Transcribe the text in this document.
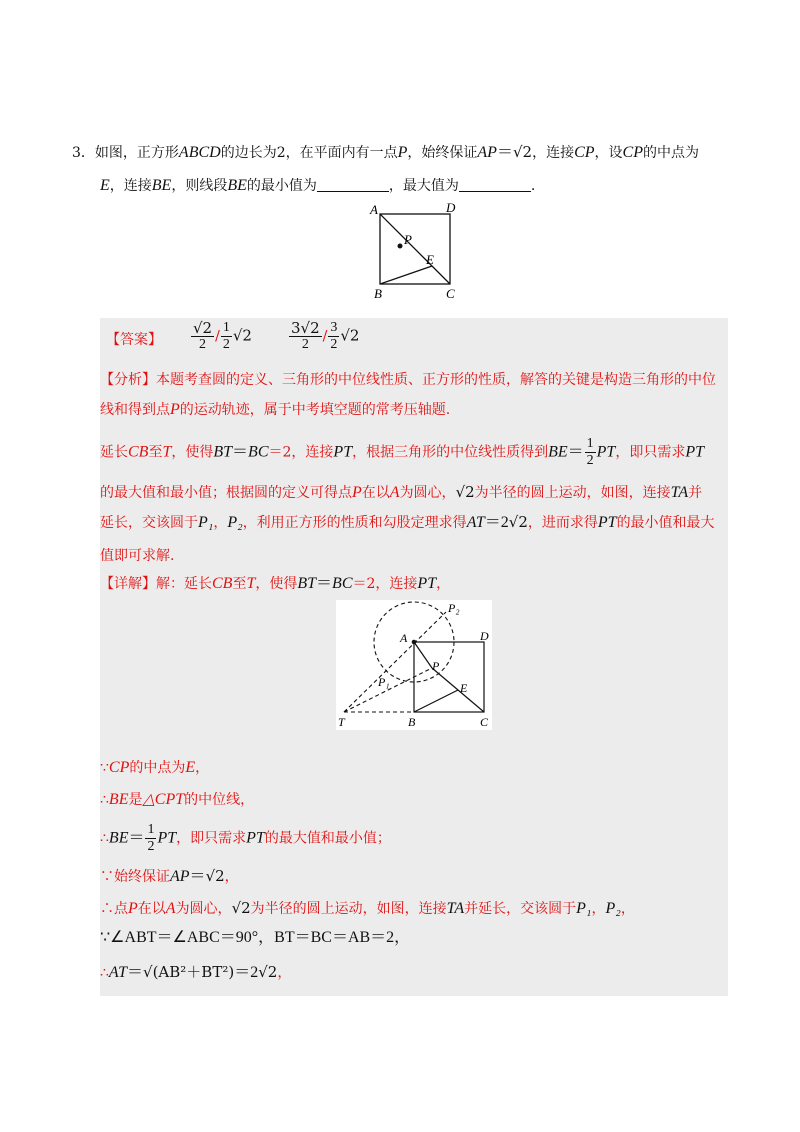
3．如图，正方形ABCD的边长为2，在平面内有一点P，始终保证AP＝√2，连接CP，设CP的中点为
E，连接BE，则线段BE的最小值为	，最大值为	.
A	D
P
E
B	C
【答案】 $\frac{√2}{2} / \frac{1}{2} √2 \frac{3√2}{2} / \frac{3}{2} √2$
【分析】本题考查圆的定义、三角形的中位线性质、正方形的性质，解答的关键是构造三角形的中位
线和得到点P的运动轨迹，属于中考填空题的常考压轴题.
延长CB至T，使得BT＝BC＝2，连接PT，根据三角形的中位线性质得到$BE= \frac{1}{2}$ PT，即只需求PT
的最大值和最小值；根据圆的定义可得点P在以A为圆心，√2为半径的圆上运动，如图，连接TA并
延长，交该圆于P₁，P₂，利用正方形的性质和勾股定理求得AT＝2√2，进而求得PT的最小值和最大
值即可求解.
【详解】解：延长CB至T，使得BT＝BC＝2，连接PT，
P₂
A	D
P
P₁	E
T	B	C
∵CP的中点为E，
∴BE是△CPT的中位线，
∴BE＝ $\frac{1}{2}$ PT，即只需求PT的最大值和最小值；
∵始终保证AP＝√2，
∴点P在以A为圆心，√2为半径的圆上运动，如图，连接TA并延长，交该圆于P₁，P₂，
∵∠ABT＝∠ABC＝90°，BT＝BC＝AB＝2，
∴AT＝√(AB²＋BT²)＝2√2，
